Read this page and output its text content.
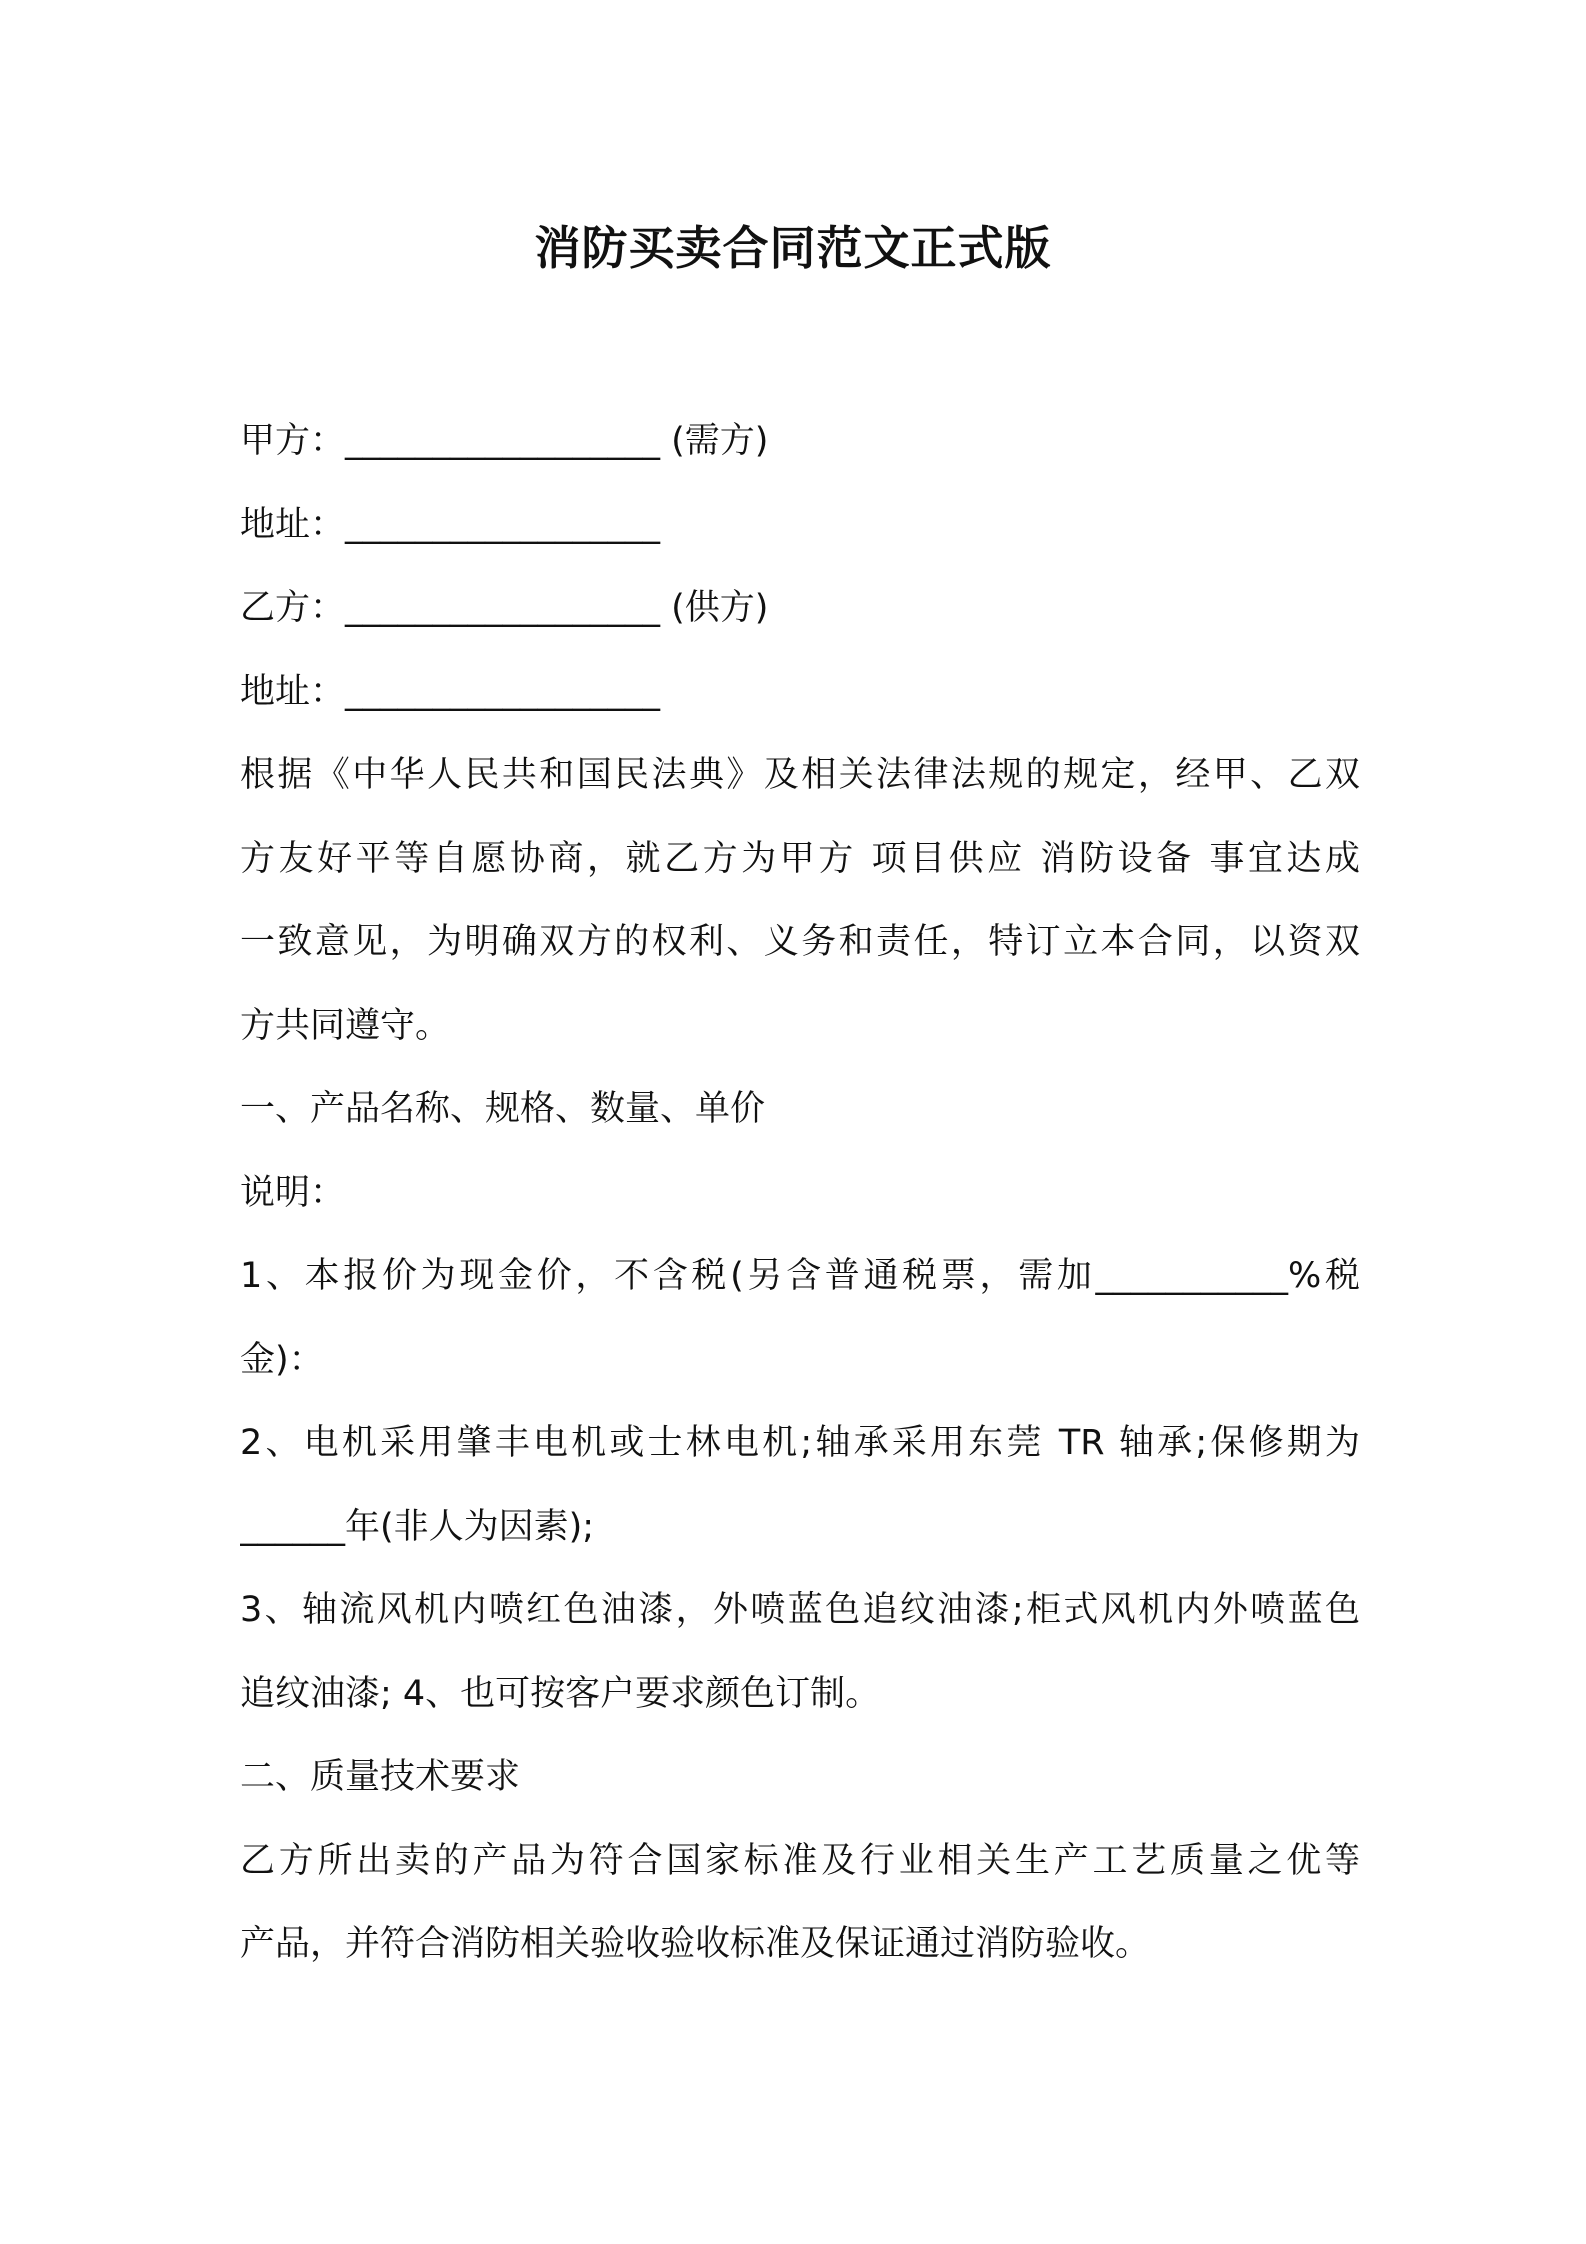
消防买卖合同范文正式版
甲方：__________________ (需方)
地址：__________________
乙方：__________________ (供方)
地址：__________________
根据《中华人民共和国民法典》及相关法律法规的规定，经甲、乙双
方友好平等自愿协商，就乙方为甲方 项目供应 消防设备 事宜达成
一致意见，为明确双方的权利、义务和责任，特订立本合同，以资双
方共同遵守。
一、产品名称、规格、数量、单价
说明：
1、本报价为现金价，不含税(另含普通税票，需加___________%税
金)：
2、电机采用肇丰电机或士林电机;轴承采用东莞 TR 轴承;保修期为
______年(非人为因素);
3、轴流风机内喷红色油漆，外喷蓝色追纹油漆;柜式风机内外喷蓝色
追纹油漆; 4、也可按客户要求颜色订制。
二、质量技术要求
乙方所出卖的产品为符合国家标准及行业相关生产工艺质量之优等
产品，并符合消防相关验收验收标准及保证通过消防验收。
